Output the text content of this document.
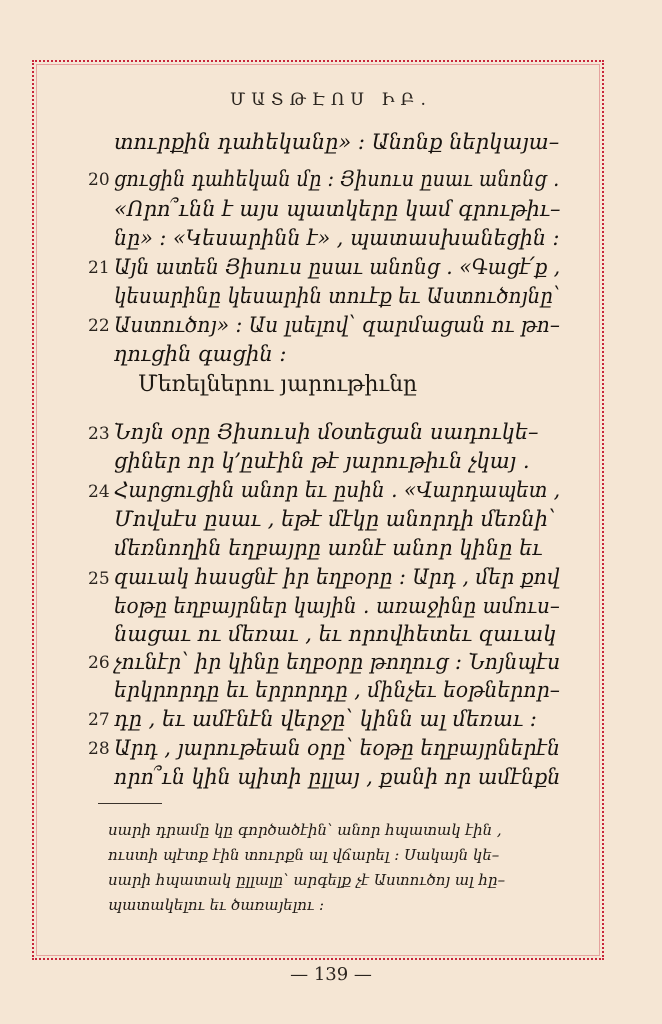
ՄԱՏԹԷՈՍ ԻԲ․
20
21
22
տուրքին դահեկանը» ։ Անոնք ներկայա–
ցուցին դահեկան մը ։ Յիսուս ըսաւ անոնց ․
«Որո՞ւնն է այս պատկերը կամ գրութիւ–
նը» ։ «Կեսարինն է» , պատասխանեցին ։
Այն ատեն Յիսուս ըսաւ անոնց ․ «Գացէ՛ք ,
կեսարինը կեսարին տուէք եւ Աստուծոյնը՝
Աստուծոյ» ։ Աս լսելով՝ զարմացան ու թո–
ղուցին գացին ։
Մեռելներու յարութիւնը
23
24
25
26
27
28
Նոյն օրը Յիսուսի մօտեցան սադուկե–
ցիներ որ կ՚ըսէին թէ յարութիւն չկայ ․
Հարցուցին անոր եւ ըսին ․ «Վարդապետ ,
Մովսէս ըսաւ , եթէ մէկը անորդի մեռնի՝
մեռնողին եղբայրը առնէ անոր կինը եւ
զաւակ հասցնէ իր եղբօրը ։ Արդ , մեր քով
եօթը եղբայրներ կային ․ առաջինը ամուս–
նացաւ ու մեռաւ , եւ որովհետեւ զաւակ
չունէր՝ իր կինը եղբօրը թողուց ։ Նոյնպէս
երկրորդը եւ երրորդը , մինչեւ եօթներոր–
դը , եւ ամէնէն վերջը՝ կինն ալ մեռաւ ։
Արդ , յարութեան օրը՝ եօթը եղբայրներէն
որո՞ւն կին պիտի ըլլայ , քանի որ ամէնքն
սարի դրամը կը գործածէին՝ անոր հպատակ էին ,
ուստի պէտք էին տուրքն ալ վճարել ։ Սակայն կե–
սարի հպատակ ըլլալը՝ արգելք չէ Աստուծոյ ալ հը–
պատակելու եւ ծառայելու ։
— 139 —
